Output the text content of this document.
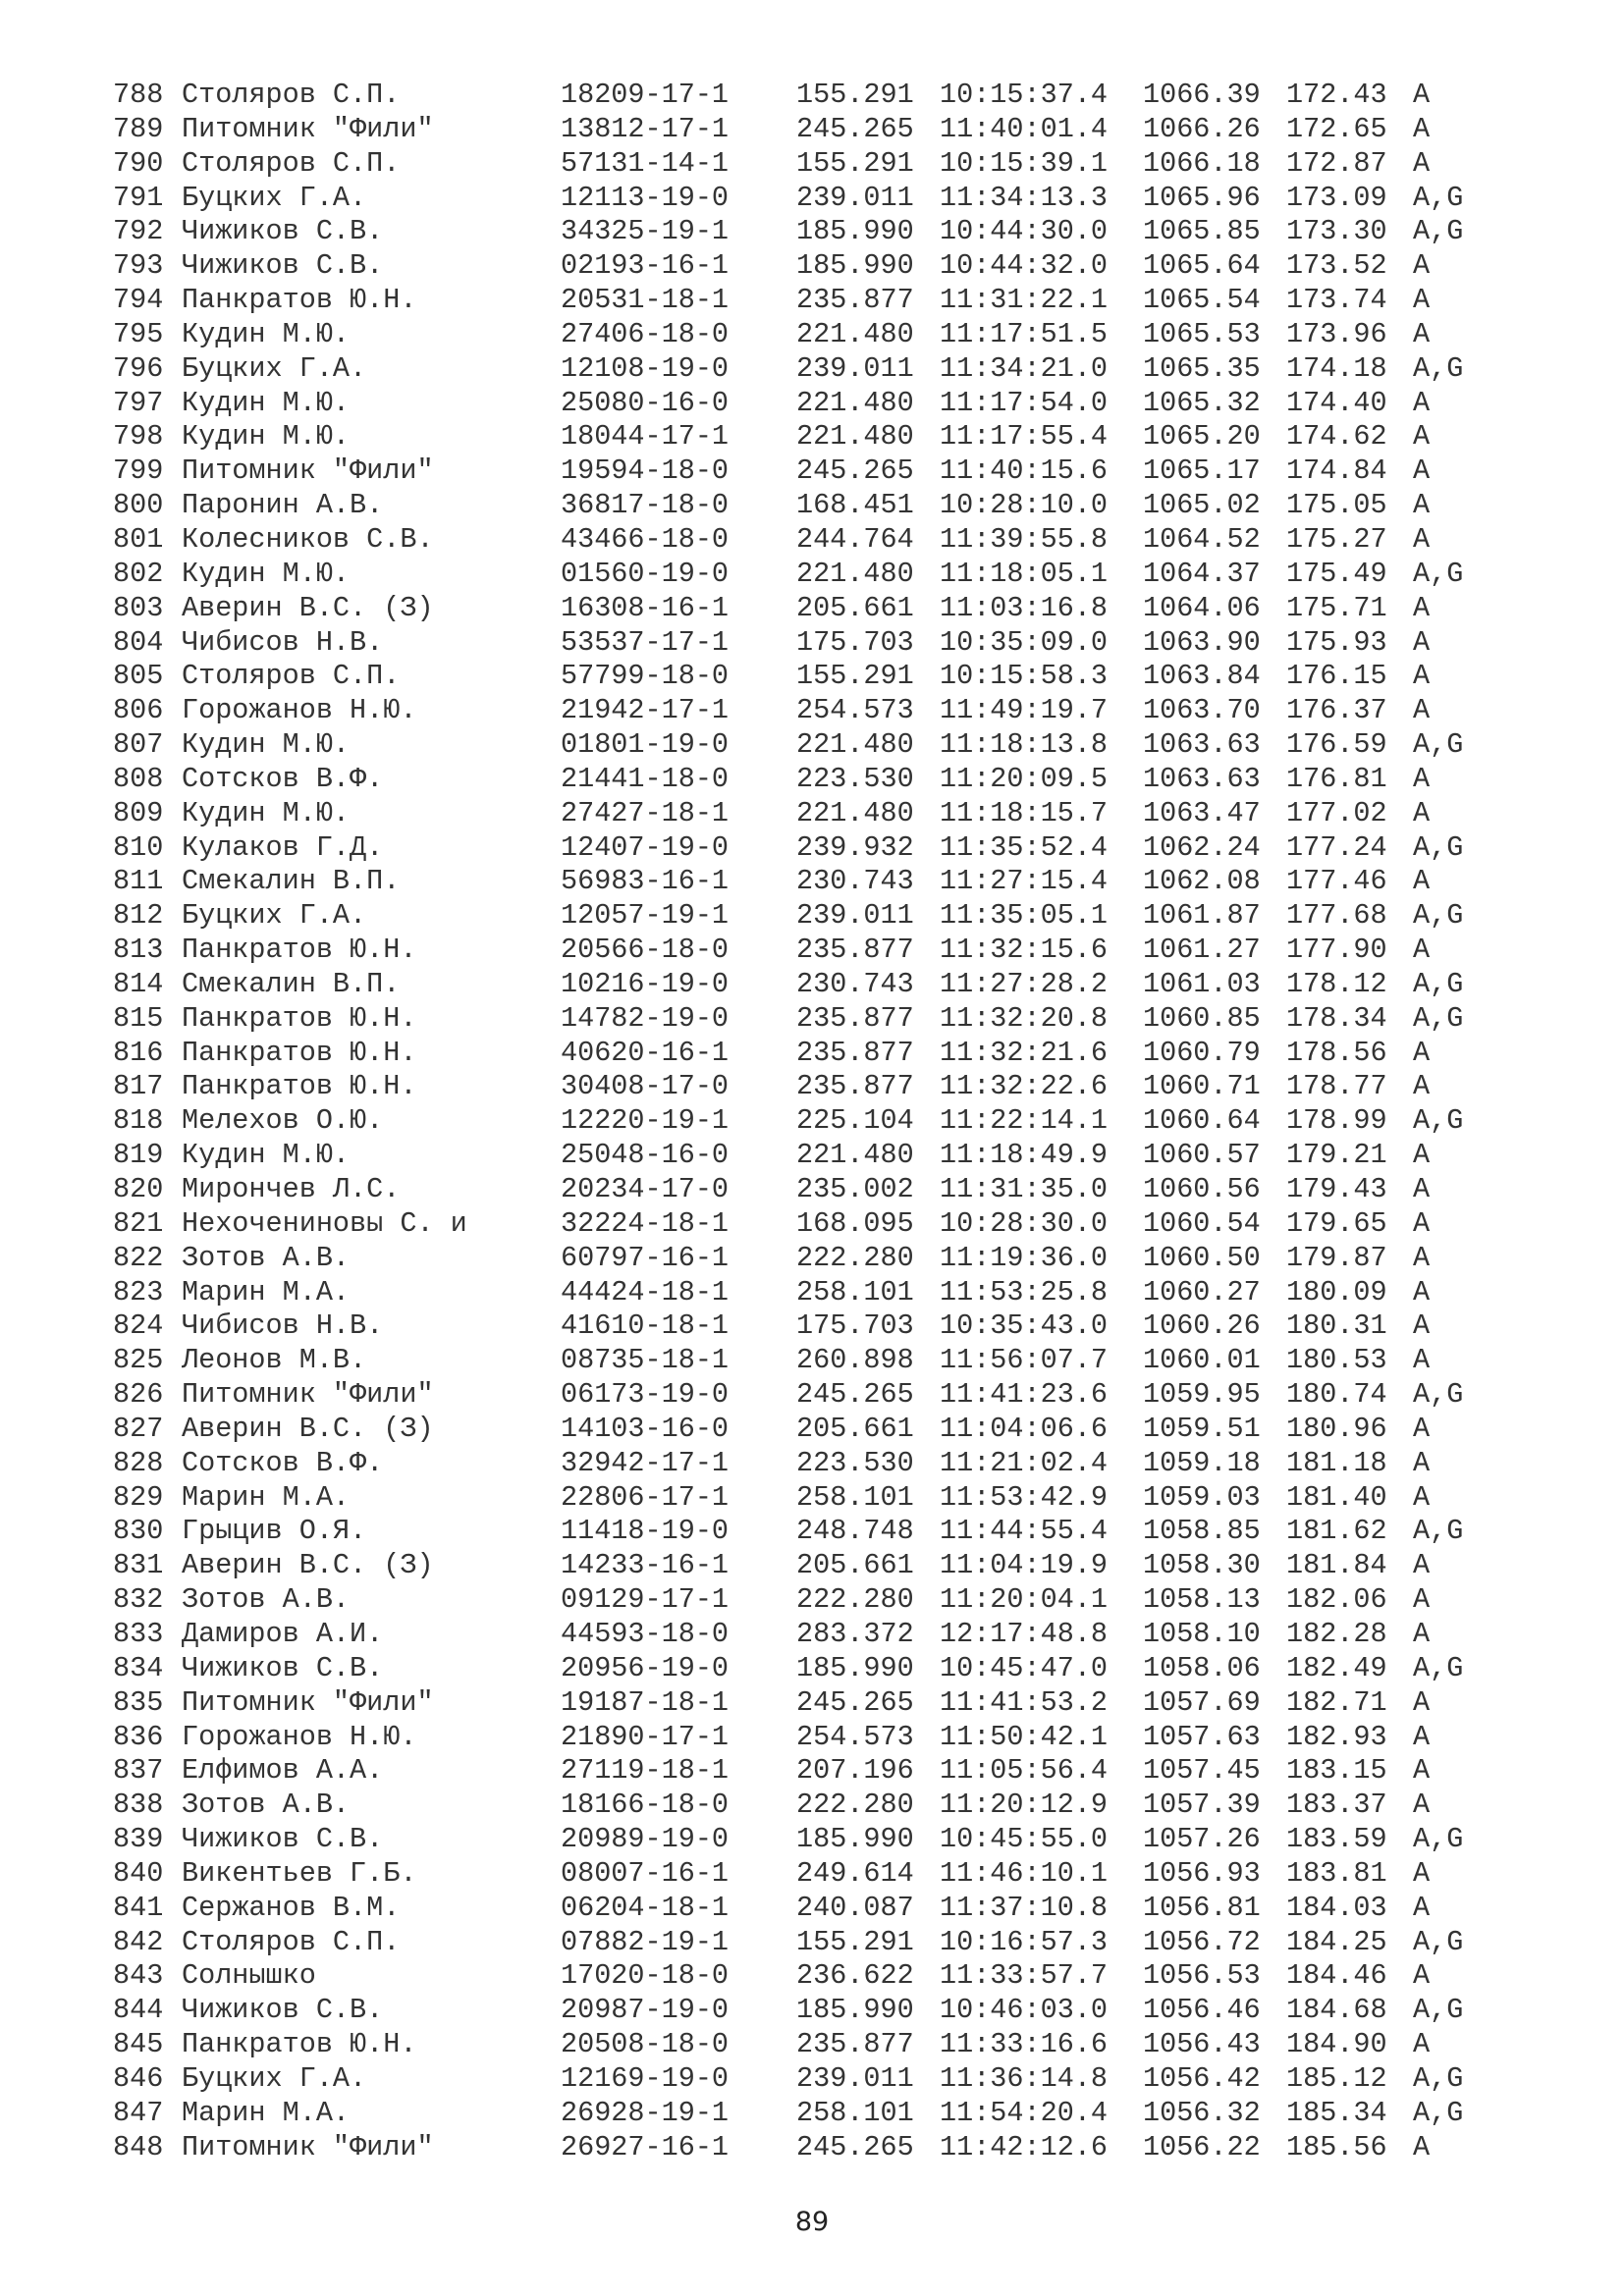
788 Столяров С.П.	18209-17-1 155.291 10:15:37.4 1066.39 172.43 A
789 Питомник "Фили"	13812-17-1 245.265 11:40:01.4 1066.26 172.65 A
790 Столяров С.П.	57131-14-1 155.291 10:15:39.1 1066.18 172.87 A
791 Буцких Г.А.	12113-19-0 239.011 11:34:13.3 1065.96 173.09 A,G
792 Чижиков С.В.	34325-19-1 185.990 10:44:30.0 1065.85 173.30 A,G
793 Чижиков С.В.	02193-16-1 185.990 10:44:32.0 1065.64 173.52 A
794 Панкратов Ю.Н.	20531-18-1 235.877 11:31:22.1 1065.54 173.74 A
795 Кудин М.Ю.	27406-18-0 221.480 11:17:51.5 1065.53 173.96 A
796 Буцких Г.А.	12108-19-0 239.011 11:34:21.0 1065.35 174.18 A,G
797 Кудин М.Ю.	25080-16-0 221.480 11:17:54.0 1065.32 174.40 A
798 Кудин М.Ю.	18044-17-1 221.480 11:17:55.4 1065.20 174.62 A
799 Питомник "Фили"	19594-18-0 245.265 11:40:15.6 1065.17 174.84 A
800 Паронин А.В.	36817-18-0 168.451 10:28:10.0 1065.02 175.05 A
801 Колесников С.В.	43466-18-0 244.764 11:39:55.8 1064.52 175.27 A
802 Кудин М.Ю.	01560-19-0 221.480 11:18:05.1 1064.37 175.49 A,G
803 Аверин В.С. (З)	16308-16-1 205.661 11:03:16.8 1064.06 175.71 A
804 Чибисов Н.В.	53537-17-1 175.703 10:35:09.0 1063.90 175.93 A
805 Столяров С.П.	57799-18-0 155.291 10:15:58.3 1063.84 176.15 A
806 Горожанов Н.Ю.	21942-17-1 254.573 11:49:19.7 1063.70 176.37 A
807 Кудин М.Ю.	01801-19-0 221.480 11:18:13.8 1063.63 176.59 A,G
808 Сотсков В.Ф.	21441-18-0 223.530 11:20:09.5 1063.63 176.81 A
809 Кудин М.Ю.	27427-18-1 221.480 11:18:15.7 1063.47 177.02 A
810 Кулаков Г.Д.	12407-19-0 239.932 11:35:52.4 1062.24 177.24 A,G
811 Смекалин В.П.	56983-16-1 230.743 11:27:15.4 1062.08 177.46 A
812 Буцких Г.А.	12057-19-1 239.011 11:35:05.1 1061.87 177.68 A,G
813 Панкратов Ю.Н.	20566-18-0 235.877 11:32:15.6 1061.27 177.90 A
814 Смекалин В.П.	10216-19-0 230.743 11:27:28.2 1061.03 178.12 A,G
815 Панкратов Ю.Н.	14782-19-0 235.877 11:32:20.8 1060.85 178.34 A,G
816 Панкратов Ю.Н.	40620-16-1 235.877 11:32:21.6 1060.79 178.56 A
817 Панкратов Ю.Н.	30408-17-0 235.877 11:32:22.6 1060.71 178.77 A
818 Мелехов О.Ю.	12220-19-1 225.104 11:22:14.1 1060.64 178.99 A,G
819 Кудин М.Ю.	25048-16-0 221.480 11:18:49.9 1060.57 179.21 A
820 Мирончев Л.С.	20234-17-0 235.002 11:31:35.0 1060.56 179.43 A
821 Нехочениновы С. и	32224-18-1 168.095 10:28:30.0 1060.54 179.65 A
822 Зотов А.В.	60797-16-1 222.280 11:19:36.0 1060.50 179.87 A
823 Марин М.А.	44424-18-1 258.101 11:53:25.8 1060.27 180.09 A
824 Чибисов Н.В.	41610-18-1 175.703 10:35:43.0 1060.26 180.31 A
825 Леонов М.В.	08735-18-1 260.898 11:56:07.7 1060.01 180.53 A
826 Питомник "Фили"	06173-19-0 245.265 11:41:23.6 1059.95 180.74 A,G
827 Аверин В.С. (З)	14103-16-0 205.661 11:04:06.6 1059.51 180.96 A
828 Сотсков В.Ф.	32942-17-1 223.530 11:21:02.4 1059.18 181.18 A
829 Марин М.А.	22806-17-1 258.101 11:53:42.9 1059.03 181.40 A
830 Грыцив О.Я.	11418-19-0 248.748 11:44:55.4 1058.85 181.62 A,G
831 Аверин В.С. (З)	14233-16-1 205.661 11:04:19.9 1058.30 181.84 A
832 Зотов А.В.	09129-17-1 222.280 11:20:04.1 1058.13 182.06 A
833 Дамиров А.И.	44593-18-0 283.372 12:17:48.8 1058.10 182.28 A
834 Чижиков С.В.	20956-19-0 185.990 10:45:47.0 1058.06 182.49 A,G
835 Питомник "Фили"	19187-18-1 245.265 11:41:53.2 1057.69 182.71 A
836 Горожанов Н.Ю.	21890-17-1 254.573 11:50:42.1 1057.63 182.93 A
837 Елфимов А.А.	27119-18-1 207.196 11:05:56.4 1057.45 183.15 A
838 Зотов А.В.	18166-18-0 222.280 11:20:12.9 1057.39 183.37 A
839 Чижиков С.В.	20989-19-0 185.990 10:45:55.0 1057.26 183.59 A,G
840 Викентьев Г.Б.	08007-16-1 249.614 11:46:10.1 1056.93 183.81 A
841 Сержанов В.М.	06204-18-1 240.087 11:37:10.8 1056.81 184.03 A
842 Столяров С.П.	07882-19-1 155.291 10:16:57.3 1056.72 184.25 A,G
843 Солнышко	17020-18-0 236.622 11:33:57.7 1056.53 184.46 A
844 Чижиков С.В.	20987-19-0 185.990 10:46:03.0 1056.46 184.68 A,G
845 Панкратов Ю.Н.	20508-18-0 235.877 11:33:16.6 1056.43 184.90 A
846 Буцких Г.А.	12169-19-0 239.011 11:36:14.8 1056.42 185.12 A,G
847 Марин М.А.	26928-19-1 258.101 11:54:20.4 1056.32 185.34 A,G
848 Питомник "Фили"	26927-16-1 245.265 11:42:12.6 1056.22 185.56 A
89
